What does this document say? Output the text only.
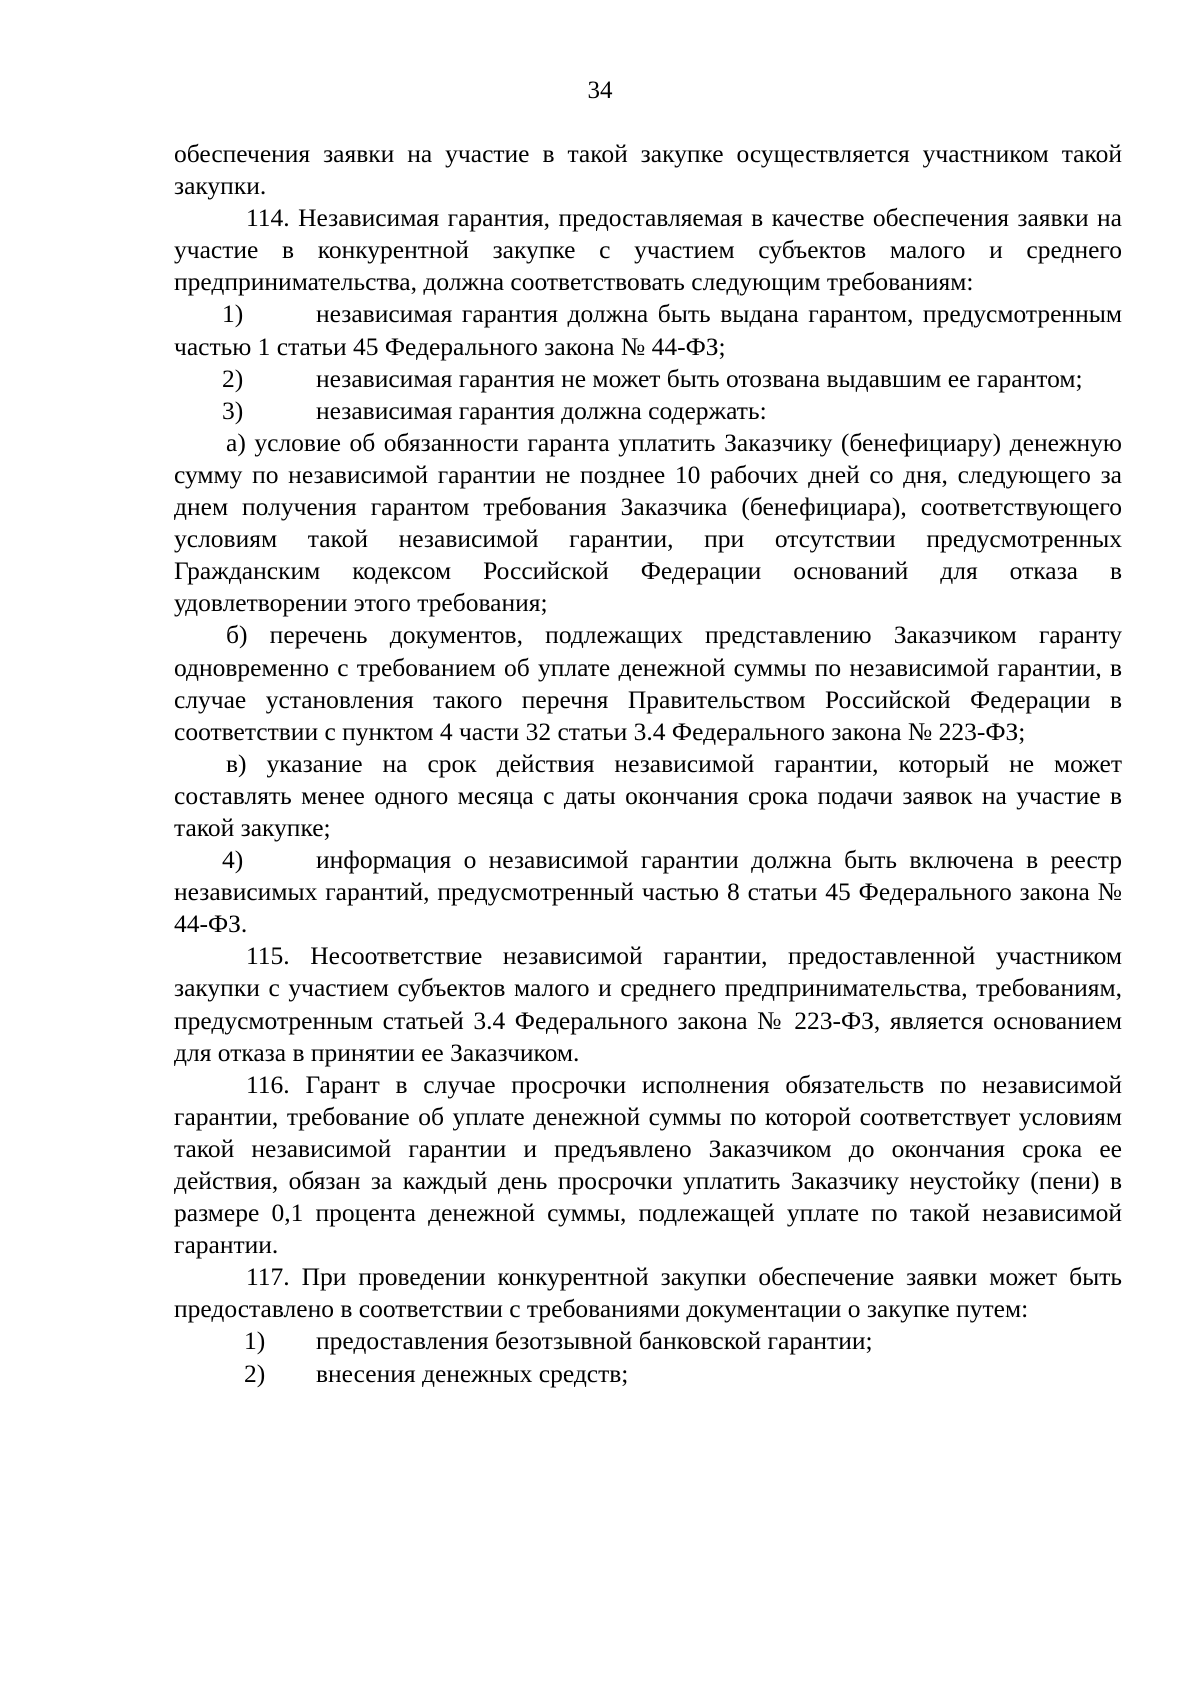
34

обеспечения заявки на участие в такой закупке осуществляется участником такой закупки.

114. Независимая гарантия, предоставляемая в качестве обеспечения заявки на участие в конкурентной закупке с участием субъектов малого и среднего предпринимательства, должна соответствовать следующим требованиям:

1)	независимая гарантия должна быть выдана гарантом, предусмотренным частью 1 статьи 45 Федерального закона № 44-ФЗ;

2)	независимая гарантия не может быть отозвана выдавшим ее гарантом;

3)	независимая гарантия должна содержать:

а) условие об обязанности гаранта уплатить Заказчику (бенефициару) денежную сумму по независимой гарантии не позднее 10 рабочих дней со дня, следующего за днем получения гарантом требования Заказчика (бенефициара), соответствующего условиям такой независимой гарантии, при отсутствии предусмотренных Гражданским кодексом Российской Федерации оснований для отказа в удовлетворении этого требования;

б) перечень документов, подлежащих представлению Заказчиком гаранту одновременно с требованием об уплате денежной суммы по независимой гарантии, в случае установления такого перечня Правительством Российской Федерации в соответствии с пунктом 4 части 32 статьи 3.4 Федерального закона № 223-ФЗ;

в) указание на срок действия независимой гарантии, который не может составлять менее одного месяца с даты окончания срока подачи заявок на участие в такой закупке;

4)	информация о независимой гарантии должна быть включена в реестр независимых гарантий, предусмотренный частью 8 статьи 45 Федерального закона № 44-ФЗ.

115. Несоответствие независимой гарантии, предоставленной участником закупки с участием субъектов малого и среднего предпринимательства, требованиям, предусмотренным статьей 3.4 Федерального закона № 223-ФЗ, является основанием для отказа в принятии ее Заказчиком.

116. Гарант в случае просрочки исполнения обязательств по независимой гарантии, требование об уплате денежной суммы по которой соответствует условиям такой независимой гарантии и предъявлено Заказчиком до окончания срока ее действия, обязан за каждый день просрочки уплатить Заказчику неустойку (пени) в размере 0,1 процента денежной суммы, подлежащей уплате по такой независимой гарантии.

117. При проведении конкурентной закупки обеспечение заявки может быть предоставлено в соответствии с требованиями документации о закупке путем:

1) предоставления безотзывной банковской гарантии;

2) внесения денежных средств;
